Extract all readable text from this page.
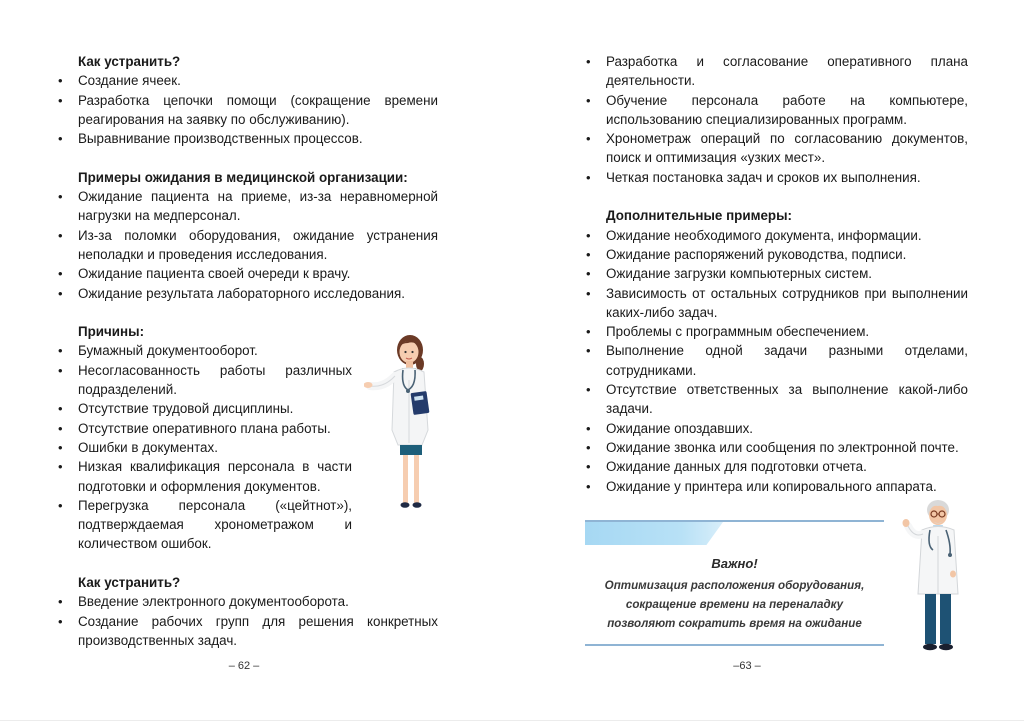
Как устранить?

• Создание ячеек.
• Разработка цепочки помощи (сокращение времени реагирования на заявку по обслуживанию).
• Выравнивание производственных процессов.

Примеры ожидания в медицинской организации:

• Ожидание пациента на приеме, из-за неравномерной нагрузки на медперсонал.
• Из-за поломки оборудования, ожидание устранения неполадки и проведения исследования.
• Ожидание пациента своей очереди к врачу.
• Ожидание результата лабораторного исследования.

Причины:

• Бумажный документооборот.
• Несогласованность работы различных подразделений.
• Отсутствие трудовой дисциплины.
• Отсутствие оперативного плана работы.
• Ошибки в документах.
• Низкая квалификация персонала в части подготовки и оформления документов.
• Перегрузка персонала («цейтнот»), подтверждаемая хронометражом и количеством ошибок.

Как устранить?

• Введение электронного документооборота.
• Создание рабочих групп для решения конкретных производственных задач.
– 62 –
• Разработка и согласование оперативного плана деятельности.
• Обучение персонала работе на компьютере, использованию специализированных программ.
• Хронометраж операций по согласованию документов, поиск и оптимизация «узких мест».
• Четкая постановка задач и сроков их выполнения.

Дополнительные примеры:

• Ожидание необходимого документа, информации.
• Ожидание распоряжений руководства, подписи.
• Ожидание загрузки компьютерных систем.
• Зависимость от остальных сотрудников при выполнении каких-либо задач.
• Проблемы с программным обеспечением.
• Выполнение одной задачи разными отделами, сотрудниками.
• Отсутствие ответственных за выполнение какой-либо задачи.
• Ожидание опоздавших.
• Ожидание звонка или сообщения по электронной почте.
• Ожидание данных для подготовки отчета.
• Ожидание у принтера или копировального аппарата.
Важно!
Оптимизация расположения оборудования,
сокращение времени на переналадку
позволяют сократить время на ожидание
–63 –
